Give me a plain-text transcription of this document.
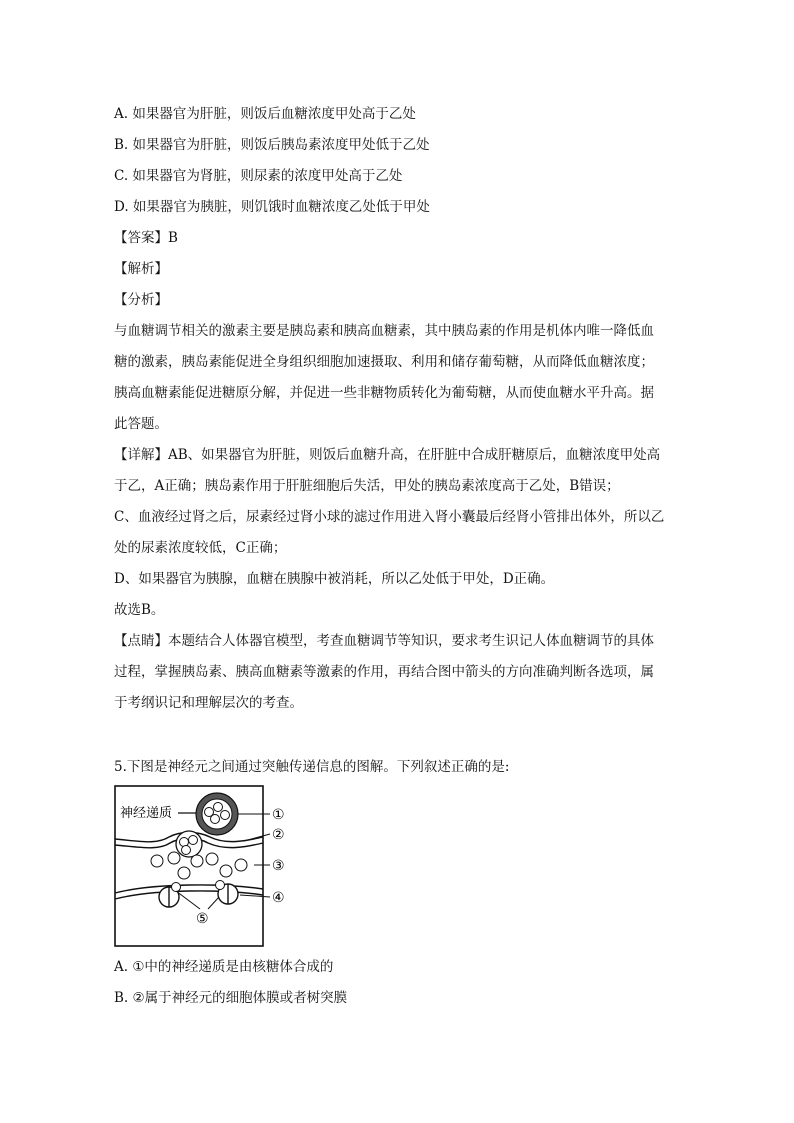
A. 如果器官为肝脏，则饭后血糖浓度甲处高于乙处
B. 如果器官为肝脏，则饭后胰岛素浓度甲处低于乙处
C. 如果器官为肾脏，则尿素的浓度甲处高于乙处
D. 如果器官为胰脏，则饥饿时血糖浓度乙处低于甲处
【答案】B
【解析】
【分析】
与血糖调节相关的激素主要是胰岛素和胰高血糖素，其中胰岛素的作用是机体内唯一降低血
糖的激素，胰岛素能促进全身组织细胞加速摄取、利用和储存葡萄糖，从而降低血糖浓度；
胰高血糖素能促进糖原分解，并促进一些非糖物质转化为葡萄糖，从而使血糖水平升高。据
此答题。
【详解】AB、如果器官为肝脏，则饭后血糖升高，在肝脏中合成肝糖原后，血糖浓度甲处高
于乙，A正确；胰岛素作用于肝脏细胞后失活，甲处的胰岛素浓度高于乙处，B错误；
C、血液经过肾之后，尿素经过肾小球的滤过作用进入肾小囊最后经肾小管排出体外，所以乙
处的尿素浓度较低，C正确；
D、如果器官为胰腺，血糖在胰腺中被消耗，所以乙处低于甲处，D正确。
故选B。
【点睛】本题结合人体器官模型，考查血糖调节等知识，要求考生识记人体血糖调节的具体
过程，掌握胰岛素、胰高血糖素等激素的作用，再结合图中箭头的方向准确判断各选项，属
于考纲识记和理解层次的考查。
5.下图是神经元之间通过突触传递信息的图解。下列叙述正确的是:
神经递质	①
②
③
④
⑤
A. ①中的神经递质是由核糖体合成的
B. ②属于神经元的细胞体膜或者树突膜
